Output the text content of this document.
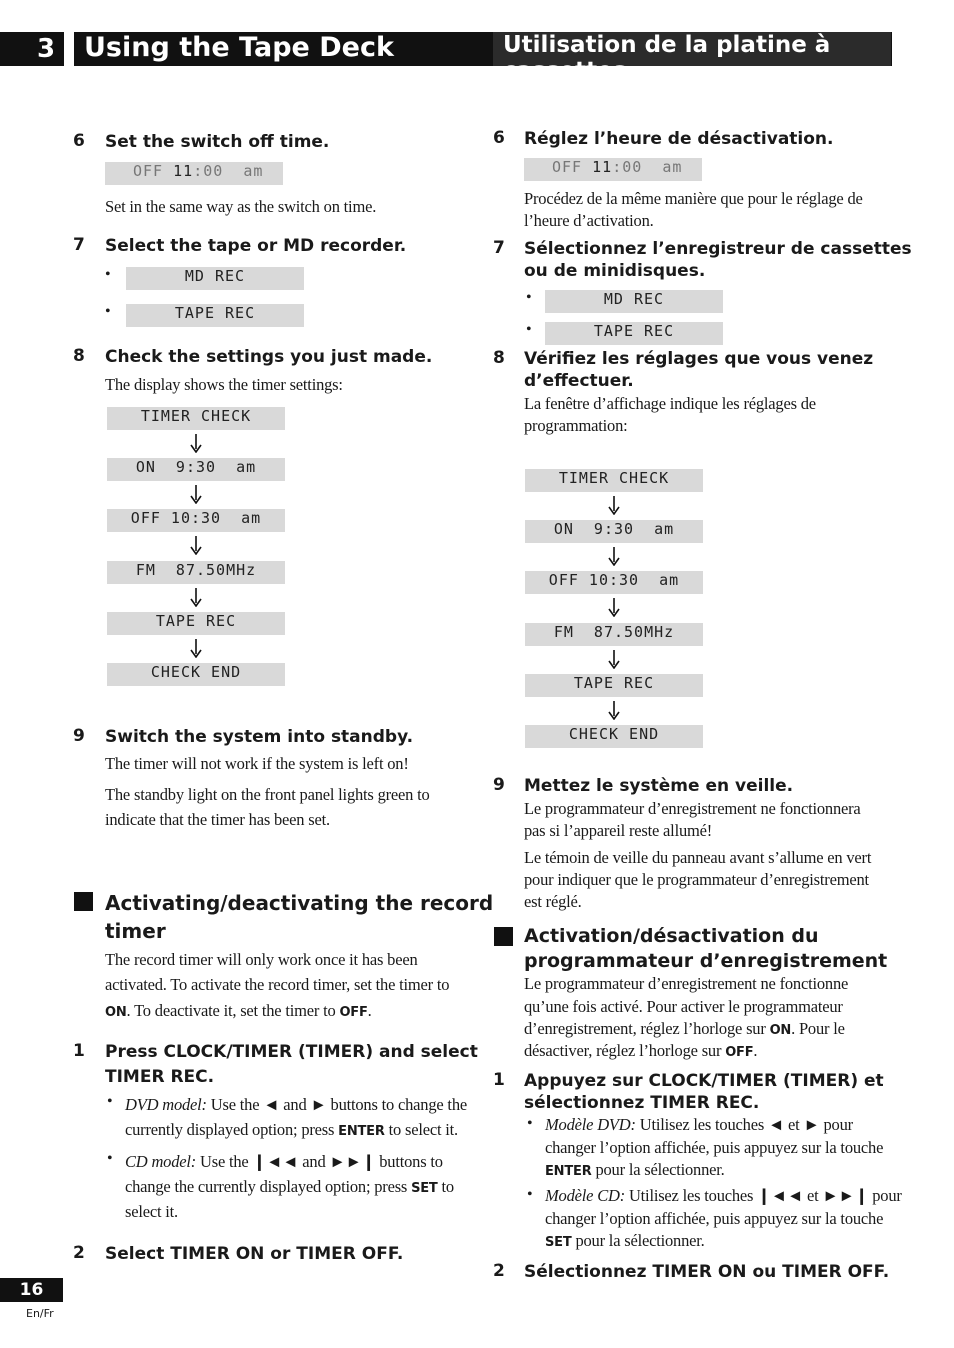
3	Using the Tape Deck	Utilisation de la platine à cassettes
6 Set the switch off time.
OFF 11:00  am
Set in the same way as the switch on time.
7 Select the tape or MD recorder.
•	MD REC
•	TAPE REC
8 Check the settings you just made.
The display shows the timer settings:
TIMER CHECK
ON  9:30  am
OFF 10:30  am
FM  87.50MHz
TAPE REC
CHECK END
9 Switch the system into standby.
The timer will not work if the system is left on!
The standby light on the front panel lights green to
indicate that the timer has been set.
Activating/deactivating the record
timer
The record timer will only work once it has been
activated. To activate the record timer, set the timer to
ON. To deactivate it, set the timer to OFF.
1 Press CLOCK/TIMER (TIMER) and select
TIMER REC.
• DVD model: Use the ◄ and ► buttons to change the
currently displayed option; press ENTER to select it.
• CD model: Use the ❙◄◄ and ►►❙ buttons to
change the currently displayed option; press SET to
select it.
2 Select TIMER ON or TIMER OFF.
6 Réglez l’heure de désactivation.
OFF 11:00  am
Procédez de la même manière que pour le réglage de
l’heure d’activation.
7 Sélectionnez l’enregistreur de cassettes
ou de minidisques.
•	MD REC
•	TAPE REC
8 Vérifiez les réglages que vous venez
d’effectuer.
La fenêtre d’affichage indique les réglages de
programmation:
TIMER CHECK
ON  9:30  am
OFF 10:30  am
FM  87.50MHz
TAPE REC
CHECK END
9 Mettez le système en veille.
Le programmateur d’enregistrement ne fonctionnera
pas si l’appareil reste allumé!
Le témoin de veille du panneau avant s’allume en vert
pour indiquer que le programmateur d’enregistrement
est réglé.
Activation/désactivation du
programmateur d’enregistrement
Le programmateur d’enregistrement ne fonctionne
qu’une fois activé. Pour activer le programmateur
d’enregistrement, réglez l’horloge sur ON. Pour le
désactiver, réglez l’horloge sur OFF.
1 Appuyez sur CLOCK/TIMER (TIMER) et
sélectionnez TIMER REC.
• Modèle DVD: Utilisez les touches ◄ et ► pour
changer l’option affichée, puis appuyez sur la touche
ENTER pour la sélectionner.
• Modèle CD: Utilisez les touches ❙◄◄ et ►►❙ pour
changer l’option affichée, puis appuyez sur la touche
SET pour la sélectionner.
2 Sélectionnez TIMER ON ou TIMER OFF.
16
En/Fr
